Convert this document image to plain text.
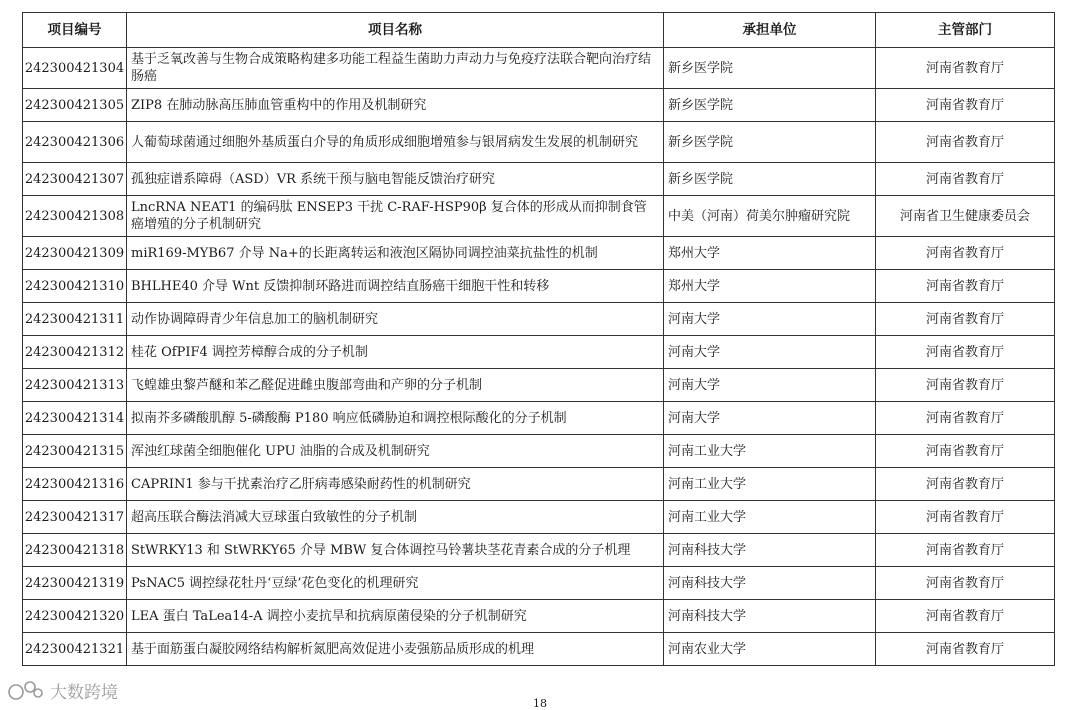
项目编号	项目名称	承担单位	主管部门
242300421304	基于乏氧改善与生物合成策略构建多功能工程益生菌助力声动力与免疫疗法联合靶向治疗结肠癌	新乡医学院	河南省教育厅
242300421305	ZIP8 在肺动脉高压肺血管重构中的作用及机制研究	新乡医学院	河南省教育厅
242300421306	人葡萄球菌通过细胞外基质蛋白介导的角质形成细胞增殖参与银屑病发生发展的机制研究	新乡医学院	河南省教育厅
242300421307	孤独症谱系障碍（ASD）VR 系统干预与脑电智能反馈治疗研究	新乡医学院	河南省教育厅
242300421308	LncRNA NEAT1 的编码肽 ENSEP3 干扰 C-RAF-HSP90β 复合体的形成从而抑制食管癌增殖的分子机制研究	中美（河南）荷美尔肿瘤研究院	河南省卫生健康委员会
242300421309	miR169-MYB67 介导 Na+的长距离转运和液泡区隔协同调控油菜抗盐性的机制	郑州大学	河南省教育厅
242300421310	BHLHE40 介导 Wnt 反馈抑制环路进而调控结直肠癌干细胞干性和转移	郑州大学	河南省教育厅
242300421311	动作协调障碍青少年信息加工的脑机制研究	河南大学	河南省教育厅
242300421312	桂花 OfPIF4 调控芳樟醇合成的分子机制	河南大学	河南省教育厅
242300421313	飞蝗雄虫黎芦醚和苯乙醛促进雌虫腹部弯曲和产卵的分子机制	河南大学	河南省教育厅
242300421314	拟南芥多磷酸肌醇 5-磷酸酶 P180 响应低磷胁迫和调控根际酸化的分子机制	河南大学	河南省教育厅
242300421315	浑浊红球菌全细胞催化 UPU 油脂的合成及机制研究	河南工业大学	河南省教育厅
242300421316	CAPRIN1 参与干扰素治疗乙肝病毒感染耐药性的机制研究	河南工业大学	河南省教育厅
242300421317	超高压联合酶法消减大豆球蛋白致敏性的分子机制	河南工业大学	河南省教育厅
242300421318	StWRKY13 和 StWRKY65 介导 MBW 复合体调控马铃薯块茎花青素合成的分子机理	河南科技大学	河南省教育厅
242300421319	PsNAC5 调控绿花牡丹‘豆绿’花色变化的机理研究	河南科技大学	河南省教育厅
242300421320	LEA 蛋白 TaLea14-A 调控小麦抗旱和抗病原菌侵染的分子机制研究	河南科技大学	河南省教育厅
242300421321	基于面筋蛋白凝胶网络结构解析氮肥高效促进小麦强筋品质形成的机理	河南农业大学	河南省教育厅
大数跨境
18
